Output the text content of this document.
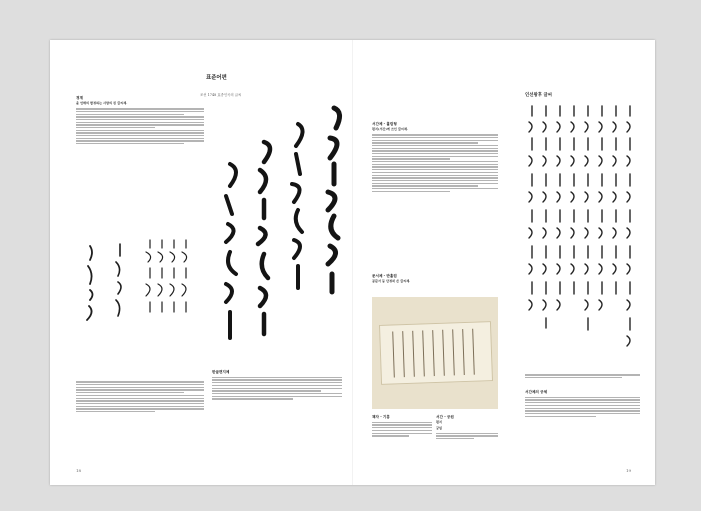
표준어편
경계
윤 언해의 함정하는 사람의 된 글씨체.
조선 1748 효종인곡의 글씨
한글편지체
18
서간체 - 흘림형
편지(서간)에 쓰인 글씨체.
문서체 - 반흘림
공문서 등 단정히 쓴 글씨체.
책자 - 기흥	서간 - 궁원
편지
궁림
인선왕후 글씨
서간체의 궁체
19
